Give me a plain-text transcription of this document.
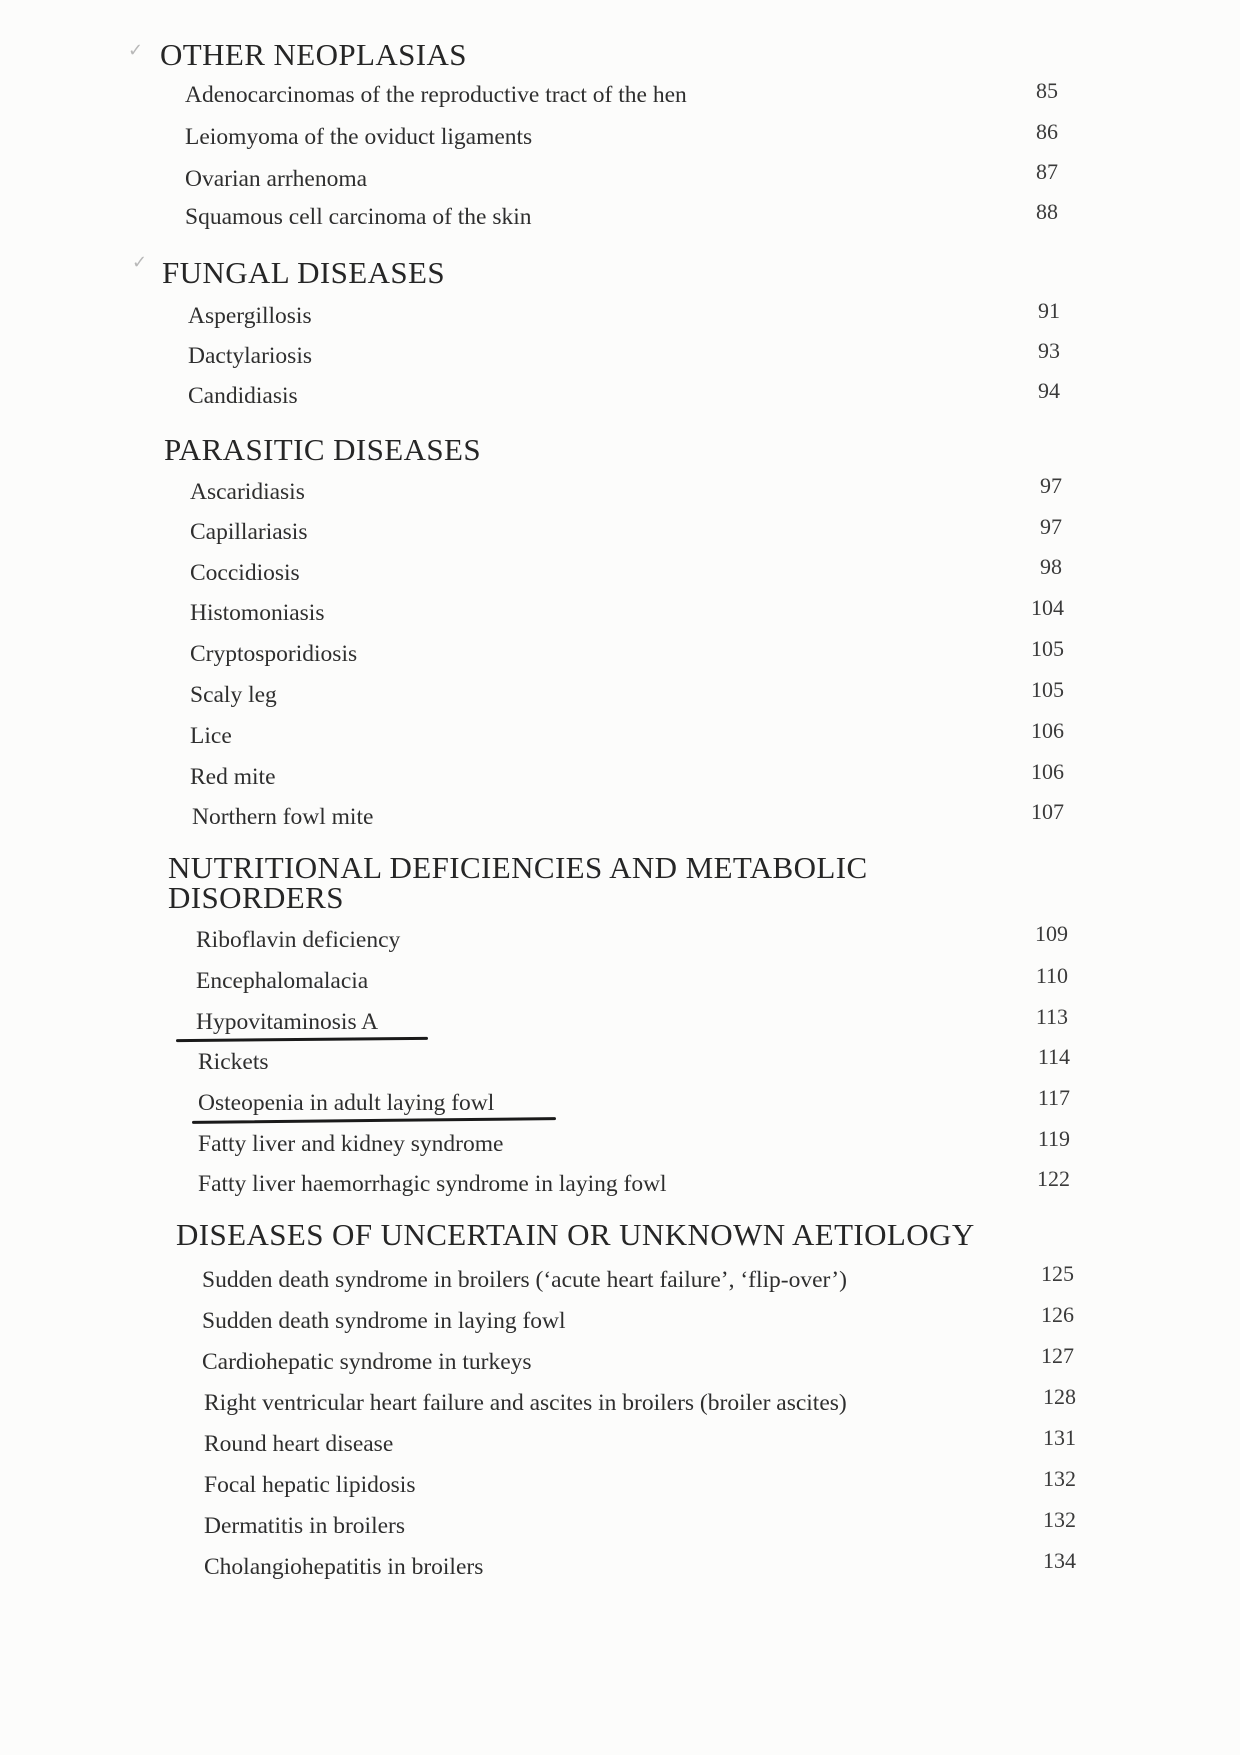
✓
✓
OTHER NEOPLASIAS
Adenocarcinomas of the reproductive tract of the hen	85
Leiomyoma of the oviduct ligaments	86
Ovarian arrhenoma	87
Squamous cell carcinoma of the skin	88
FUNGAL DISEASES
Aspergillosis	91
Dactylariosis	93
Candidiasis	94
PARASITIC DISEASES
Ascaridiasis	97
Capillariasis	97
Coccidiosis	98
Histomoniasis	104
Cryptosporidiosis	105
Scaly leg	105
Lice	106
Red mite	106
Northern fowl mite	107
NUTRITIONAL DEFICIENCIES AND METABOLIC DISORDERS
Riboflavin deficiency	109
Encephalomalacia	110
Hypovitaminosis A	113
Rickets	114
Osteopenia in adult laying fowl	117
Fatty liver and kidney syndrome	119
Fatty liver haemorrhagic syndrome in laying fowl	122
DISEASES OF UNCERTAIN OR UNKNOWN AETIOLOGY
Sudden death syndrome in broilers (‘acute heart failure’, ‘flip-over’)	125
Sudden death syndrome in laying fowl	126
Cardiohepatic syndrome in turkeys	127
Right ventricular heart failure and ascites in broilers (broiler ascites)	128
Round heart disease	131
Focal hepatic lipidosis	132
Dermatitis in broilers	132
Cholangiohepatitis in broilers	134
